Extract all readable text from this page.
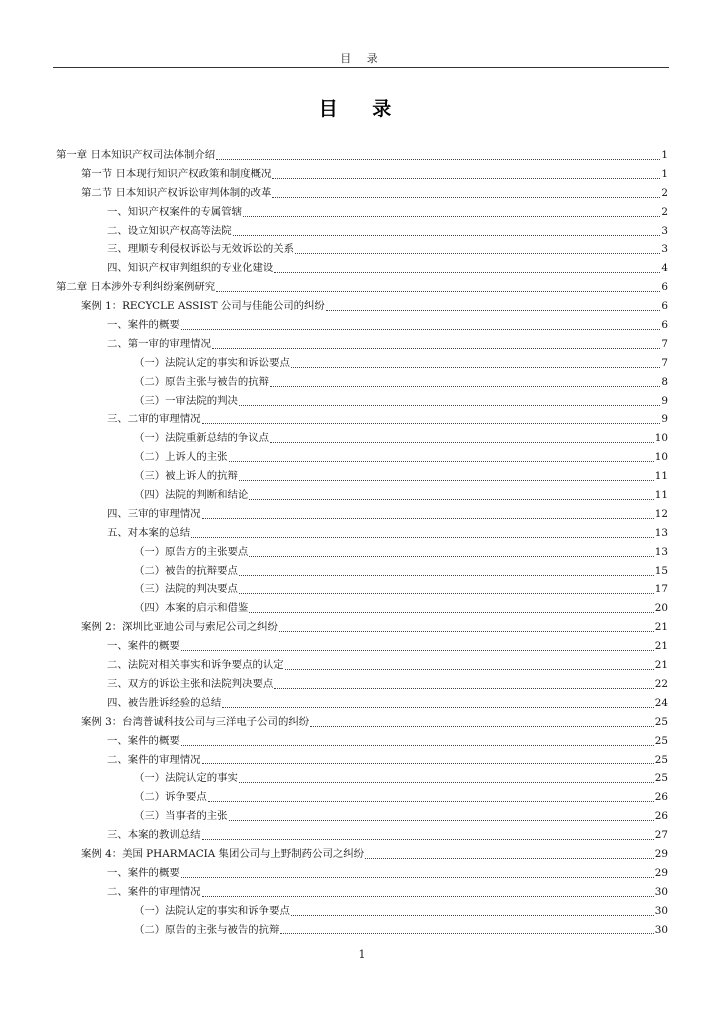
目 录
目 录
第一章 日本知识产权司法体制介绍	1
第一节 日本现行知识产权政策和制度概况	1
第二节 日本知识产权诉讼审判体制的改革	2
一、知识产权案件的专属管辖	2
二、设立知识产权高等法院	3
三、理顺专利侵权诉讼与无效诉讼的关系	3
四、知识产权审判组织的专业化建设	4
第二章 日本涉外专利纠纷案例研究	6
案例 1：RECYCLE ASSIST 公司与佳能公司的纠纷	6
一、案件的概要	6
二、第一审的审理情况	7
（一）法院认定的事实和诉讼要点	7
（二）原告主张与被告的抗辩	8
（三）一审法院的判决	9
三、二审的审理情况	9
（一）法院重新总结的争议点	10
（二）上诉人的主张	10
（三）被上诉人的抗辩	11
（四）法院的判断和结论	11
四、三审的审理情况	12
五、对本案的总结	13
（一）原告方的主张要点	13
（二）被告的抗辩要点	15
（三）法院的判决要点	17
（四）本案的启示和借鉴	20
案例 2：深圳比亚迪公司与索尼公司之纠纷	21
一、案件的概要	21
二、法院对相关事实和诉争要点的认定	21
三、双方的诉讼主张和法院判决要点	22
四、被告胜诉经验的总结	24
案例 3：台湾普诚科技公司与三洋电子公司的纠纷	25
一、案件的概要	25
二、案件的审理情况	25
（一）法院认定的事实	25
（二）诉争要点	26
（三）当事者的主张	26
三、本案的教训总结	27
案例 4：美国 PHARMACIA 集团公司与上野制药公司之纠纷	29
一、案件的概要	29
二、案件的审理情况	30
（一）法院认定的事实和诉争要点	30
（二）原告的主张与被告的抗辩	30
1
